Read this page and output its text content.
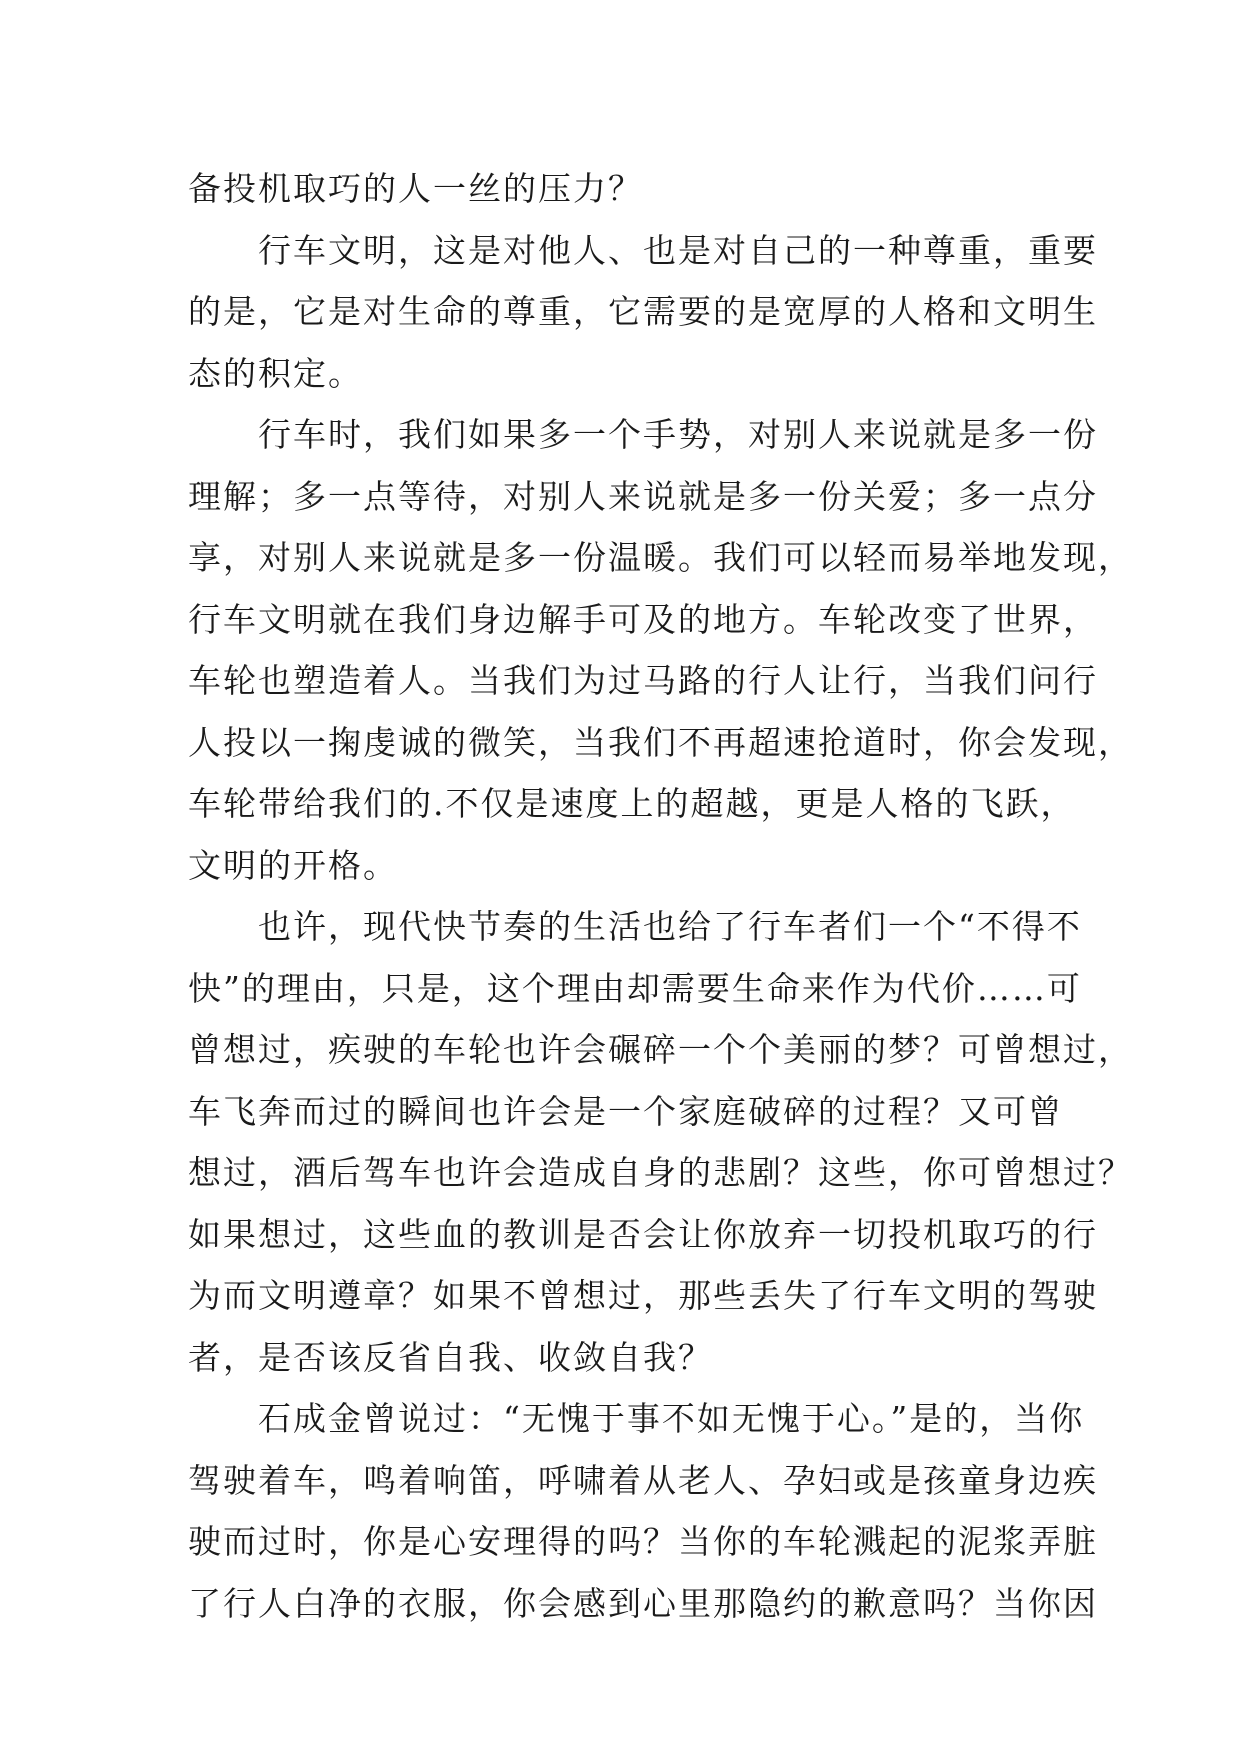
备投机取巧的人一丝的压力？
行车文明，这是对他人、也是对自己的一种尊重，重要
的是，它是对生命的尊重，它需要的是宽厚的人格和文明生
态的积定。
行车时，我们如果多一个手势，对别人来说就是多一份
理解；多一点等待，对别人来说就是多一份关爱；多一点分
享，对别人来说就是多一份温暖。我们可以轻而易举地发现，
行车文明就在我们身边解手可及的地方。车轮改变了世界，
车轮也塑造着人。当我们为过马路的行人让行，当我们问行
人投以一掬虔诚的微笑，当我们不再超速抢道时，你会发现，
车轮带给我们的.不仅是速度上的超越，更是人格的飞跃，
文明的开格。
也许，现代快节奏的生活也给了行车者们一个“不得不
快”的理由，只是，这个理由却需要生命来作为代价……可
曾想过，疾驶的车轮也许会碾碎一个个美丽的梦？可曾想过，
车飞奔而过的瞬间也许会是一个家庭破碎的过程？又可曾
想过，酒后驾车也许会造成自身的悲剧？这些，你可曾想过？
如果想过，这些血的教训是否会让你放弃一切投机取巧的行
为而文明遵章？如果不曾想过，那些丢失了行车文明的驾驶
者，是否该反省自我、收敛自我？
石成金曾说过：“无愧于事不如无愧于心。”是的，当你
驾驶着车，鸣着响笛，呼啸着从老人、孕妇或是孩童身边疾
驶而过时，你是心安理得的吗？当你的车轮溅起的泥浆弄脏
了行人白净的衣服，你会感到心里那隐约的歉意吗？当你因
